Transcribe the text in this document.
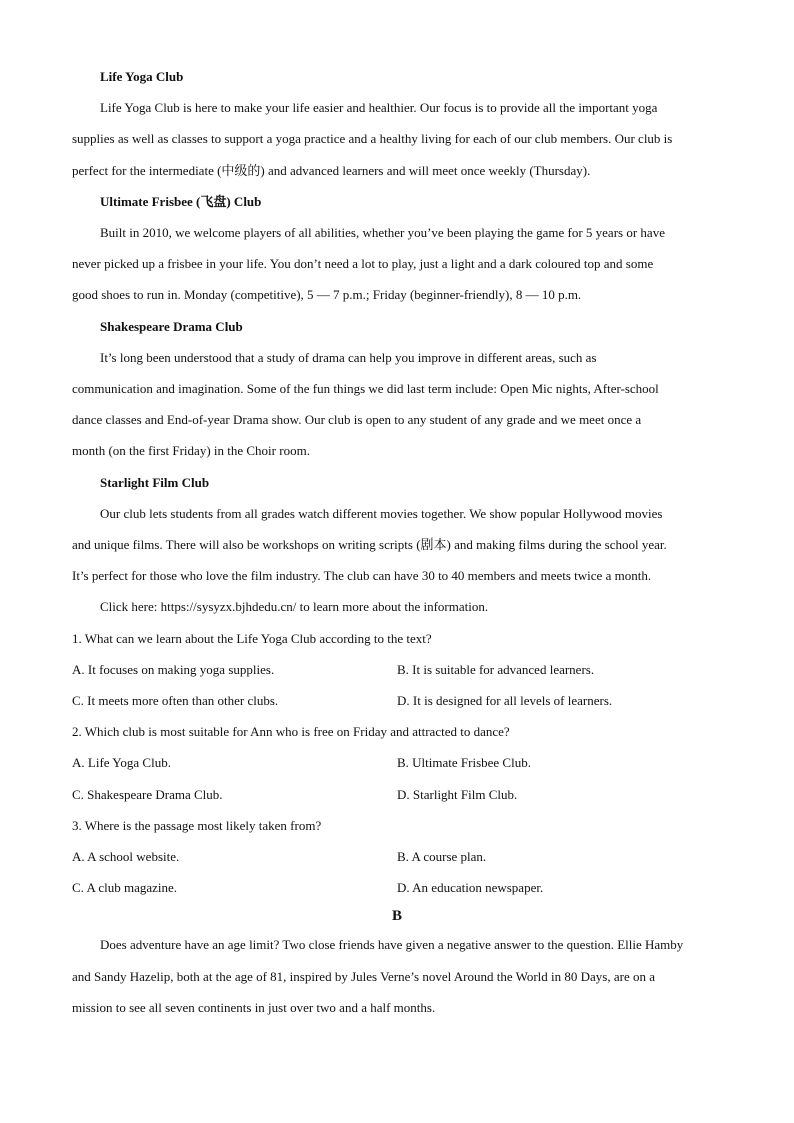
Life Yoga Club
Life Yoga Club is here to make your life easier and healthier. Our focus is to provide all the important yoga
supplies as well as classes to support a yoga practice and a healthy living for each of our club members. Our club is
perfect for the intermediate (中级的) and advanced learners and will meet once weekly (Thursday).
Ultimate Frisbee (飞盘) Club
Built in 2010, we welcome players of all abilities, whether you’ve been playing the game for 5 years or have
never picked up a frisbee in your life. You don’t need a lot to play, just a light and a dark coloured top and some
good shoes to run in. Monday (competitive), 5 — 7 p.m.; Friday (beginner-friendly), 8 — 10 p.m.
Shakespeare Drama Club
It’s long been understood that a study of drama can help you improve in different areas, such as
communication and imagination. Some of the fun things we did last term include: Open Mic nights, After-school
dance classes and End-of-year Drama show. Our club is open to any student of any grade and we meet once a
month (on the first Friday) in the Choir room.
Starlight Film Club
Our club lets students from all grades watch different movies together. We show popular Hollywood movies
and unique films. There will also be workshops on writing scripts (剧本) and making films during the school year.
It’s perfect for those who love the film industry. The club can have 30 to 40 members and meets twice a month.
Click here: https://sysyzx.bjhdedu.cn/ to learn more about the information.
1. What can we learn about the Life Yoga Club according to the text?
A. It focuses on making yoga supplies.	B. It is suitable for advanced learners.
C. It meets more often than other clubs.	D. It is designed for all levels of learners.
2. Which club is most suitable for Ann who is free on Friday and attracted to dance?
A. Life Yoga Club.	B. Ultimate Frisbee Club.
C. Shakespeare Drama Club.	D. Starlight Film Club.
3. Where is the passage most likely taken from?
A. A school website.	B. A course plan.
C. A club magazine.	D. An education newspaper.
B
Does adventure have an age limit? Two close friends have given a negative answer to the question. Ellie Hamby
and Sandy Hazelip, both at the age of 81, inspired by Jules Verne’s novel Around the World in 80 Days, are on a
mission to see all seven continents in just over two and a half months.
